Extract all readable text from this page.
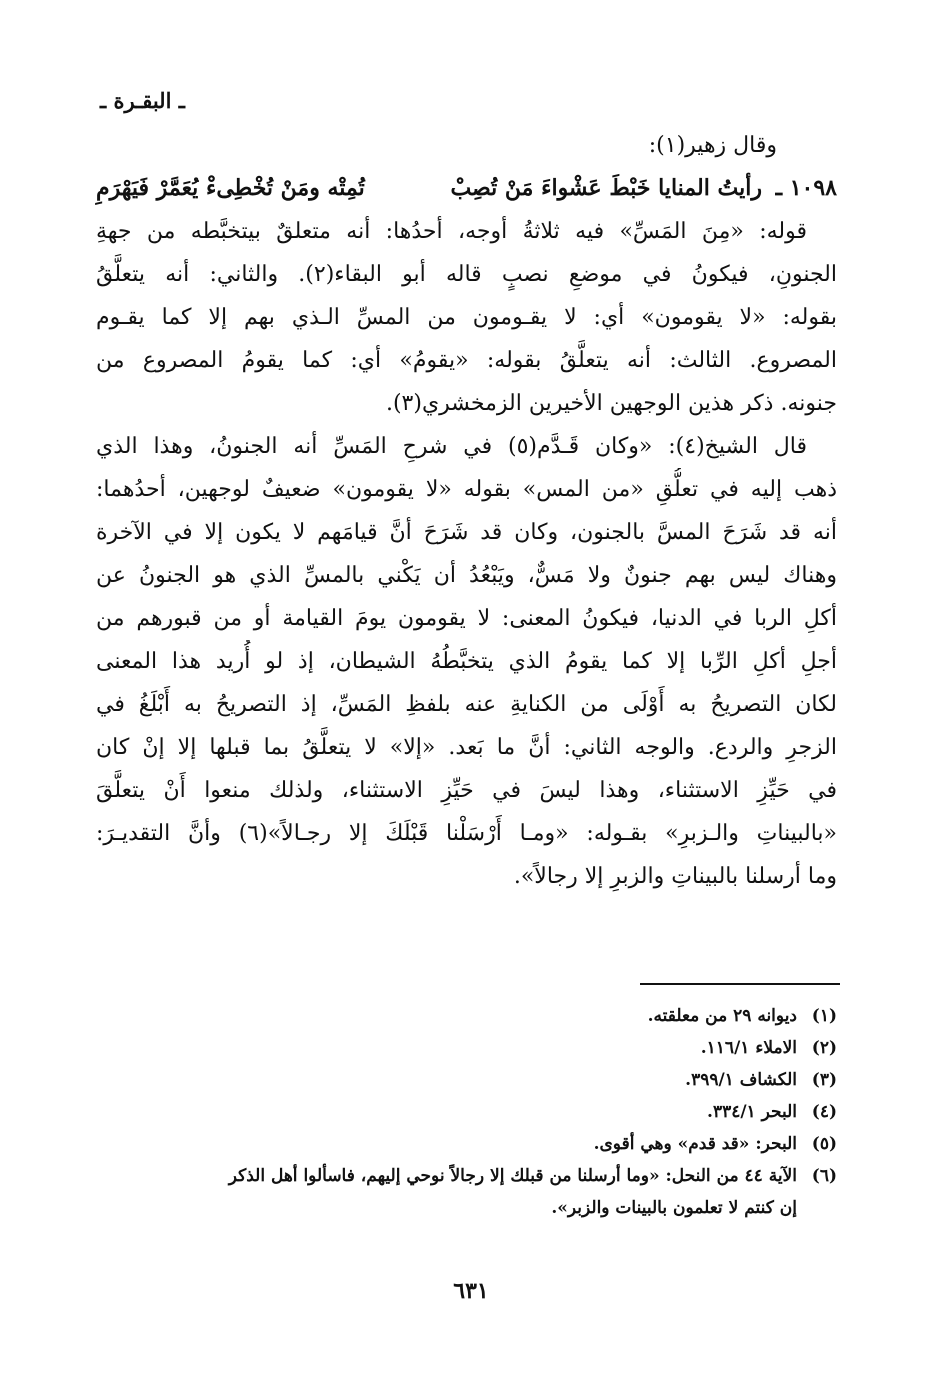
ـ البقـرة ـ
وقال زهير(١):
١٠٩٨ ـ رأيتُ المنايا خَبْطَ عَشْواءَ مَنْ تُصِبْ
تُمِتْه ومَنْ تُخْطِىءْ يُعَمَّرْ فَيَهْرَمِ
قوله: «مِنَ المَسِّ» فيه ثلاثةُ أوجه، أحدُها: أنه متعلقٌ بيتخبَّطه من جهةِ
الجنونِ، فيكونُ في موضعِ نصبٍ قاله أبو البقاء(٢). والثاني: أنه يتعلَّقُ
بقوله: «لا يقومون» أي: لا يقـومون من المسِّ الـذي بهم إلا كما يقـوم
المصروع. الثالث: أنه يتعلَّقُ بقوله: «يقومُ» أي: كما يقومُ المصروع من
جنونه. ذكر هذين الوجهين الأخيرين الزمخشري(٣).
قال الشيخ(٤): «وكان قَـدَّم(٥) في شرحِ المَسِّ أنه الجنونُ، وهذا الذي
ذهب إليه في تعلُّقِ «من المس» بقوله «لا يقومون» ضعيفٌ لوجهين، أحدُهما:
أنه قد شَرَحَ المسَّ بالجنون، وكان قد شَرَحَ أنَّ قيامَهم لا يكون إلا في الآخرة
وهناك ليس بهم جنونٌ ولا مَسٌّ، ويَبْعُدُ أن يَكْني بالمسِّ الذي هو الجنونُ عن
أكلِ الربا في الدنيا، فيكونُ المعنى: لا يقومون يومَ القيامة أو من قبورهم من
أجلِ أكلِ الرِّبا إلا كما يقومُ الذي يتخبَّطُهُ الشيطان، إذ لو أُريد هذا المعنى
لكان التصريحُ به أَوْلَى من الكنايةِ عنه بلفظِ المَسِّ، إذ التصريحُ به أَبْلَغُ في
الزجرِ والردع. والوجه الثاني: أنَّ ما بَعد. «إلا» لا يتعلَّقُ بما قبلها إلا إنْ كان
في حَيِّزِ الاستثناء، وهذا ليسَ في حَيِّزِ الاستثناء، ولذلك منعوا أَنْ يتعلَّقَ
«بالبيناتِ والـزبرِ» بقـوله: «ومـا أَرْسَلْنا قَبْلَكَ إلا رجـالاً»(٦) وأنَّ التقديـرَ:
وما أرسلنا بالبيناتِ والزبرِ إلا رجالاً».
(١)ديوانه ٢٩ من معلقته.
(٢)الاملاء ١١٦/١.
(٣)الكشاف ٣٩٩/١.
(٤)البحر ٣٣٤/١.
(٥)البحر: «قد قدم» وهي أقوى.
(٦)الآية ٤٤ من النحل: «وما أرسلنا من قبلك إلا رجالاً نوحي إليهم، فاسألوا أهل الذكر
إن كنتم لا تعلمون بالبينات والزبر».
٦٣١
